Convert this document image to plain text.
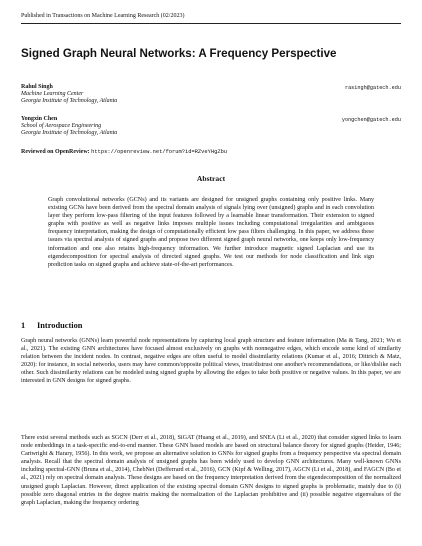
Published in Transactions on Machine Learning Research (02/2023)
Signed Graph Neural Networks: A Frequency Perspective
Rahul Singh
Machine Learning Center
Georgia Institute of Technology, Atlanta
rasingh@gatech.edu
Yongxin Chen
School of Aerospace Engineering
Georgia Institute of Technology, Atlanta
yongchen@gatech.edu
Reviewed on OpenReview: https://openreview.net/forum?id=RZveYHgZbu
Abstract
Graph convolutional networks (GCNs) and its variants are designed for unsigned graphs containing only positive links. Many existing GCNs have been derived from the spectral domain analysis of signals lying over (unsigned) graphs and in each convolution layer they perform low-pass filtering of the input features followed by a learnable linear transformation. Their extension to signed graphs with positive as well as negative links imposes multiple issues including computational irregularities and ambiguous frequency interpretation, making the design of computationally efficient low pass filters challenging. In this paper, we address these issues via spectral analysis of signed graphs and propose two different signed graph neural networks, one keeps only low-frequency information and one also retains high-frequency information. We further introduce magnetic signed Laplacian and use its eigendecomposition for spectral analysis of directed signed graphs. We test our methods for node classification and link sign prediction tasks on signed graphs and achieve state-of-the-art performances.
1 Introduction
Graph neural networks (GNNs) learn powerful node representations by capturing local graph structure and feature information (Ma & Tang, 2021; Wu et al., 2021). The existing GNN architectures have focused almost exclusively on graphs with nonnegative edges, which encode some kind of similarity relation between the incident nodes. In contrast, negative edges are often useful to model dissimilarity relations (Kumar et al., 2016; Dittrich & Matz, 2020): for instance, in social networks, users may have common/opposite political views, trust/distrust one another's recommendations, or like/dislike each other. Such dissimilarity relations can be modeled using signed graphs by allowing the edges to take both positive or negative values. In this paper, we are interested in GNN designs for signed graphs.
There exist several methods such as SGCN (Derr et al., 2018), SiGAT (Huang et al., 2019), and SNEA (Li et al., 2020) that consider signed links to learn node embeddings in a task-specific end-to-end manner. These GNN based models are based on structural balance theory for signed graphs (Heider, 1946; Cartwright & Harary, 1956). In this work, we propose an alternative solution to GNNs for signed graphs from a frequency perspective via spectral domain analysis. Recall that the spectral domain analysis of unsigned graphs has been widely used to develop GNN architectures. Many well-known GNNs including spectral-GNN (Bruna et al., 2014), ChebNet (Defferrard et al., 2016), GCN (Kipf & Welling, 2017), AGCN (Li et al., 2018), and FAGCN (Bo et al., 2021) rely on spectral domain analysis. These designs are based on the frequency interpretation derived from the eigendecomposition of the normalized unsigned graph Laplacian. However, direct application of the existing spectral domain GNN designs to signed graphs is problematic, mainly due to (i) possible zero diagonal entries in the degree matrix making the normalization of the Laplacian prohibitive and (ii) possible negative eigenvalues of the graph Laplacian, making the frequency ordering
